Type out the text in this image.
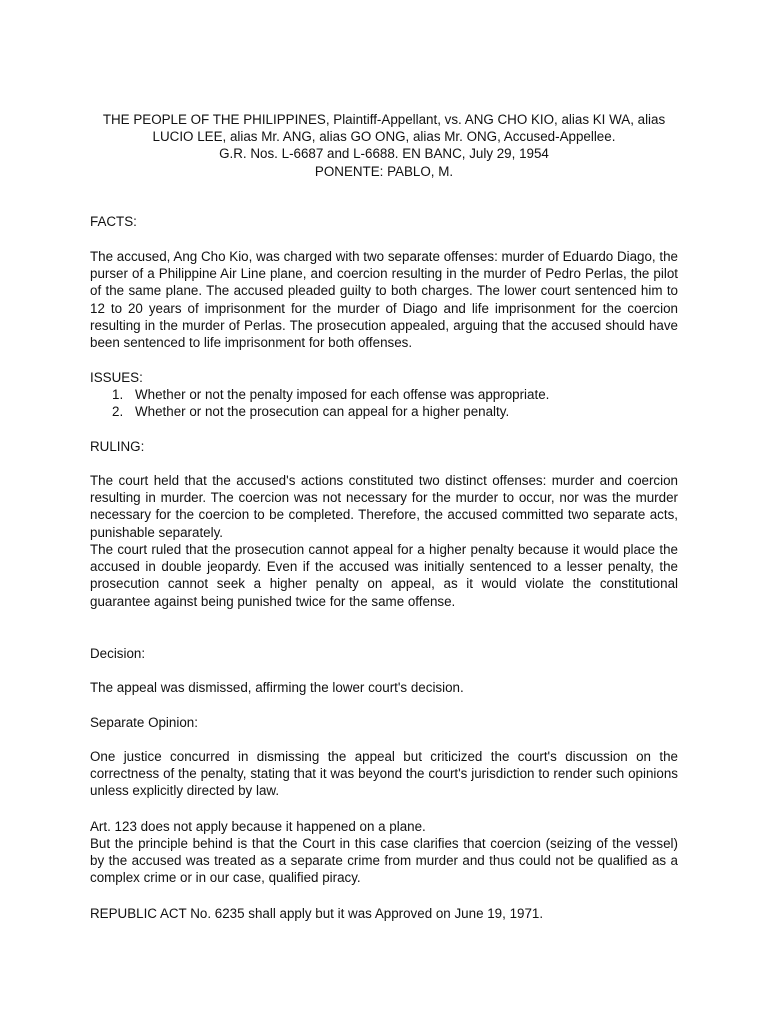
THE PEOPLE OF THE PHILIPPINES, Plaintiff-Appellant, vs. ANG CHO KIO, alias KI WA, alias
LUCIO LEE, alias Mr. ANG, alias GO ONG, alias Mr. ONG, Accused-Appellee.
G.R. Nos. L-6687 and L-6688. EN BANC, July 29, 1954
PONENTE: PABLO, M.

FACTS:

The accused, Ang Cho Kio, was charged with two separate offenses: murder of Eduardo Diago, the purser of a Philippine Air Line plane, and coercion resulting in the murder of Pedro Perlas, the pilot of the same plane. The accused pleaded guilty to both charges. The lower court sentenced him to 12 to 20 years of imprisonment for the murder of Diago and life imprisonment for the coercion resulting in the murder of Perlas. The prosecution appealed, arguing that the accused should have been sentenced to life imprisonment for both offenses.

ISSUES:

1. Whether or not the penalty imposed for each offense was appropriate.
2. Whether or not the prosecution can appeal for a higher penalty.

RULING:

The court held that the accused's actions constituted two distinct offenses: murder and coercion resulting in murder. The coercion was not necessary for the murder to occur, nor was the murder necessary for the coercion to be completed. Therefore, the accused committed two separate acts, punishable separately.

The court ruled that the prosecution cannot appeal for a higher penalty because it would place the accused in double jeopardy. Even if the accused was initially sentenced to a lesser penalty, the prosecution cannot seek a higher penalty on appeal, as it would violate the constitutional guarantee against being punished twice for the same offense.

Decision:

The appeal was dismissed, affirming the lower court's decision.

Separate Opinion:

One justice concurred in dismissing the appeal but criticized the court's discussion on the correctness of the penalty, stating that it was beyond the court's jurisdiction to render such opinions unless explicitly directed by law.

Art. 123 does not apply because it happened on a plane.

But the principle behind is that the Court in this case clarifies that coercion (seizing of the vessel) by the accused was treated as a separate crime from murder and thus could not be qualified as a complex crime or in our case, qualified piracy.

REPUBLIC ACT No. 6235 shall apply but it was Approved on June 19, 1971.
